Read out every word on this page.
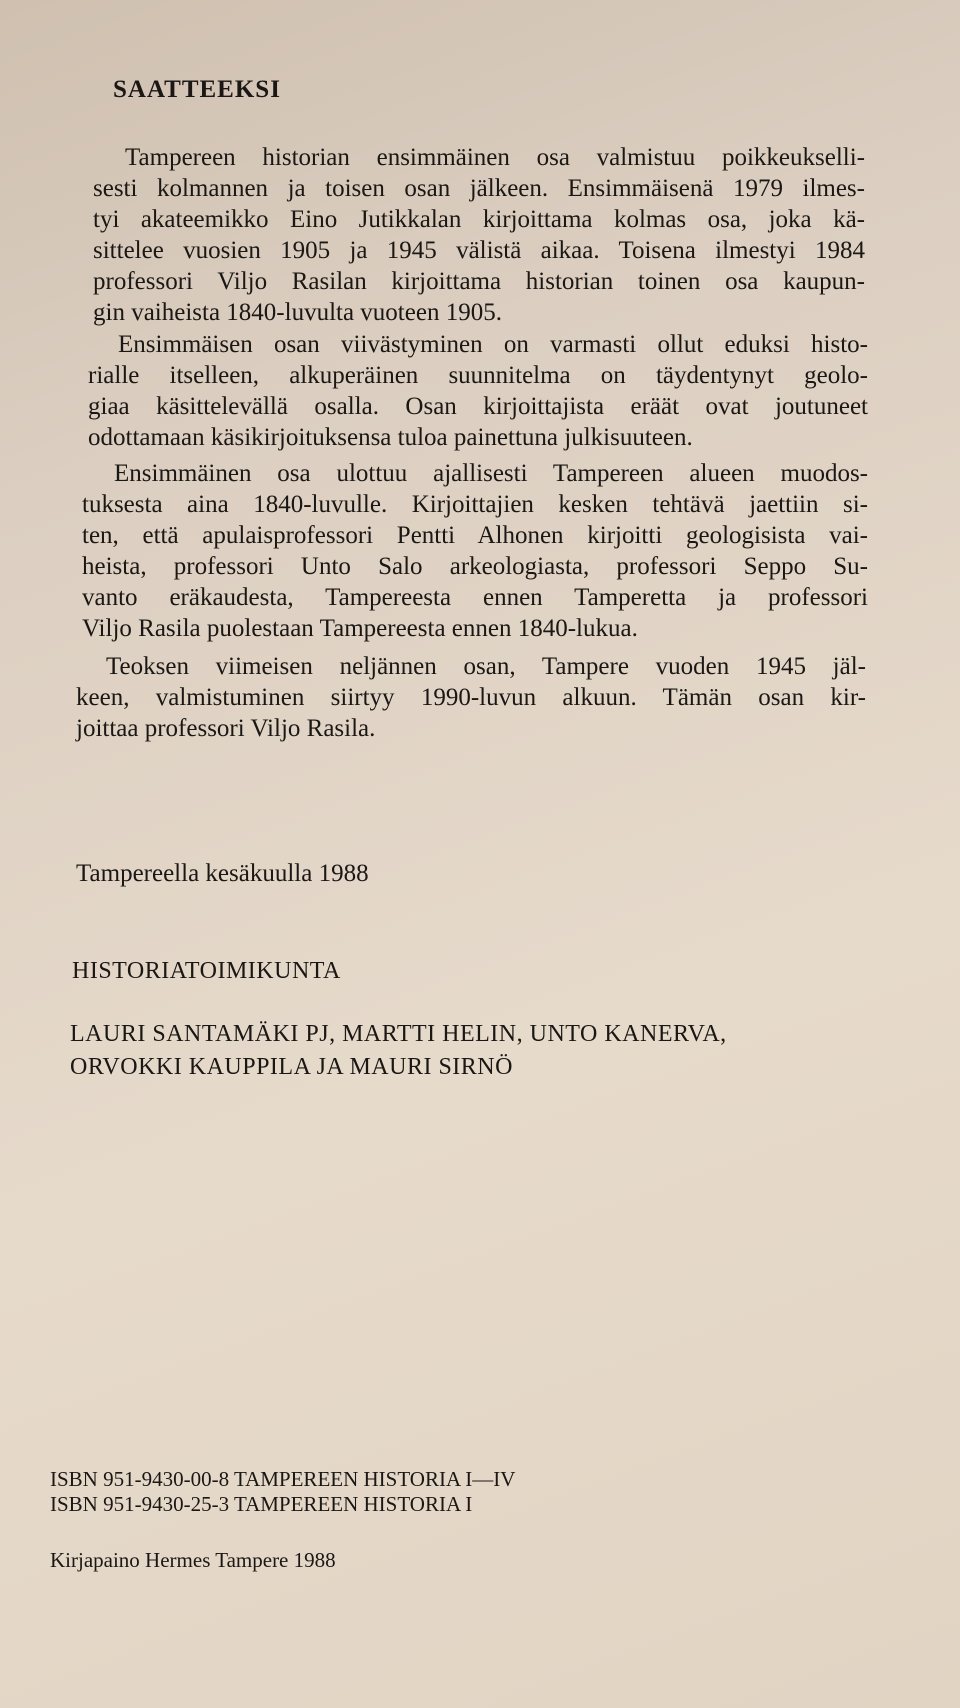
SAATTEEKSI
Tampereen historian ensimmäinen osa valmistuu poikkeukselli-
sesti kolmannen ja toisen osan jälkeen. Ensimmäisenä 1979 ilmes-
tyi akateemikko Eino Jutikkalan kirjoittama kolmas osa, joka kä-
sittelee vuosien 1905 ja 1945 välistä aikaa. Toisena ilmestyi 1984
professori Viljo Rasilan kirjoittama historian toinen osa kaupun-
gin vaiheista 1840-luvulta vuoteen 1905.
Ensimmäisen osan viivästyminen on varmasti ollut eduksi histo-
rialle itselleen, alkuperäinen suunnitelma on täydentynyt geolo-
giaa käsittelevällä osalla. Osan kirjoittajista eräät ovat joutuneet
odottamaan käsikirjoituksensa tuloa painettuna julkisuuteen.
Ensimmäinen osa ulottuu ajallisesti Tampereen alueen muodos-
tuksesta aina 1840-luvulle. Kirjoittajien kesken tehtävä jaettiin si-
ten, että apulaisprofessori Pentti Alhonen kirjoitti geologisista vai-
heista, professori Unto Salo arkeologiasta, professori Seppo Su-
vanto eräkaudesta, Tampereesta ennen Tamperetta ja professori
Viljo Rasila puolestaan Tampereesta ennen 1840-lukua.
Teoksen viimeisen neljännen osan, Tampere vuoden 1945 jäl-
keen, valmistuminen siirtyy 1990-luvun alkuun. Tämän osan kir-
joittaa professori Viljo Rasila.
Tampereella kesäkuulla 1988
HISTORIATOIMIKUNTA
LAURI SANTAMÄKI PJ, MARTTI HELIN, UNTO KANERVA,
ORVOKKI KAUPPILA JA MAURI SIRNÖ
ISBN 951-9430-00-8 TAMPEREEN HISTORIA I—IV
ISBN 951-9430-25-3 TAMPEREEN HISTORIA I
Kirjapaino Hermes Tampere 1988
